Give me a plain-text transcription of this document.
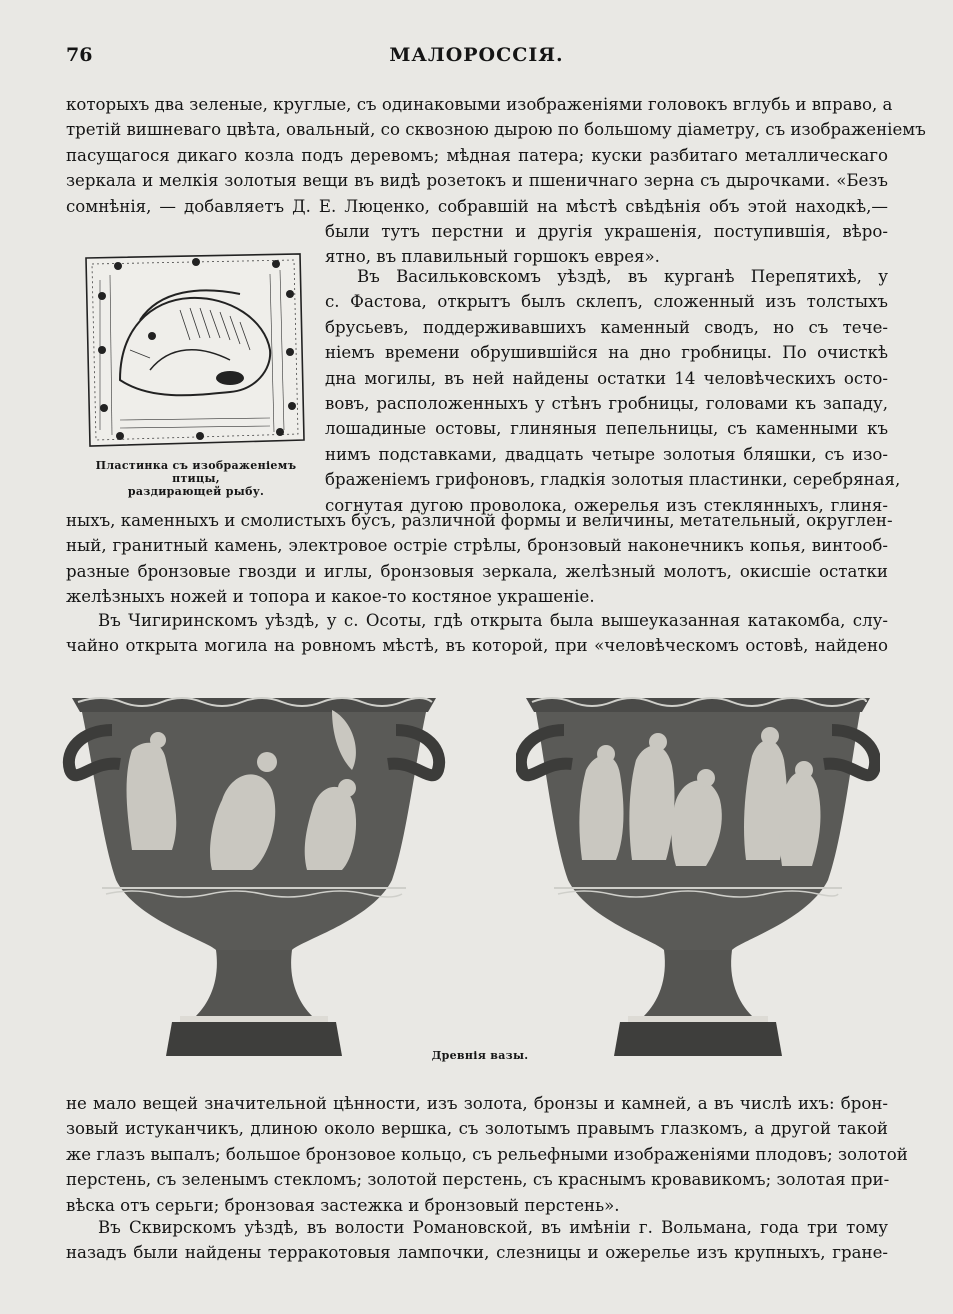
76	МАЛОРОССІЯ.
которыхъ два зеленые, круглые, съ одинаковыми изображеніями головокъ вглубь и вправо, а
третій вишневаго цвѣта, овальный, со сквозною дырою по большому діаметру, съ изображеніемъ
пасущагося дикаго козла подъ деревомъ; мѣдная патера; куски разбитаго металлическаго
зеркала и мелкія золотыя вещи въ видѣ розетокъ и пшеничнаго зерна съ дырочками. «Безъ
сомнѣнія, — добавляетъ Д. Е. Люценко, собравшій на мѣстѣ свѣдѣнія объ этой находкѣ,—
были тутъ перстни и другія украшенія, поступившія, вѣро-
ятно, въ плавильный горшокъ еврея».
Въ Васильковскомъ уѣздѣ, въ курганѣ Перепятихѣ, у
с. Фастова, открытъ былъ склепъ, сложенный изъ толстыхъ
брусьевъ, поддерживавшихъ каменный сводъ, но съ тече-
ніемъ времени обрушившійся на дно гробницы. По очисткѣ
дна могилы, въ ней найдены остатки 14 человѣческихъ остo-
вовъ, расположенныхъ у стѣнъ гробницы, головами къ западу,
лошадиные остовы, глиняныя пепельницы, съ каменными къ
нимъ подставками, двадцать четыре золотыя бляшки, съ изо-
браженіемъ грифоновъ, гладкія золотыя пластинки, серебряная,
согнутая дугою проволока, ожерелья изъ стеклянныхъ, глиня-
Пластинка съ изображеніемъ птицы,
раздирающей рыбу.
ныхъ, каменныхъ и смолистыхъ бусъ, различной формы и величины, метательный, округлен-
ный, гранитный камень, электровое остріе стрѣлы, бронзовый наконечникъ копья, винтооб-
разные бронзовые гвозди и иглы, бронзовыя зеркала, желѣзный молотъ, окисшіе остатки
желѣзныхъ ножей и топора и какое-то костяное украшеніе.
Въ Чигиринскомъ уѣздѣ, у с. Осоты, гдѣ открыта была вышеуказанная катакомба, слу-
чайно открыта могила на ровномъ мѣстѣ, въ которой, при «человѣческомъ остовѣ, найдено
Древнія вазы.
не мало вещей значительной цѣнности, изъ золота, бронзы и камней, а въ числѣ ихъ: брон-
зовый истуканчикъ, длиною около вершка, съ золотымъ правымъ глазкомъ, а другой такой
же глазъ выпалъ; большое бронзовое кольцо, съ рельефными изображеніями плодовъ; золотой
перстень, съ зеленымъ стекломъ; золотой перстень, съ краснымъ кровавикомъ; золотая при-
вѣска отъ серьги; бронзовая застежка и бронзовый перстень».
Въ Сквирскомъ уѣздѣ, въ волости Романовской, въ имѣніи г. Вольмана, года три тому
назадъ были найдены терракотовыя лампочки, слезницы и ожерелье изъ крупныхъ, гране-
